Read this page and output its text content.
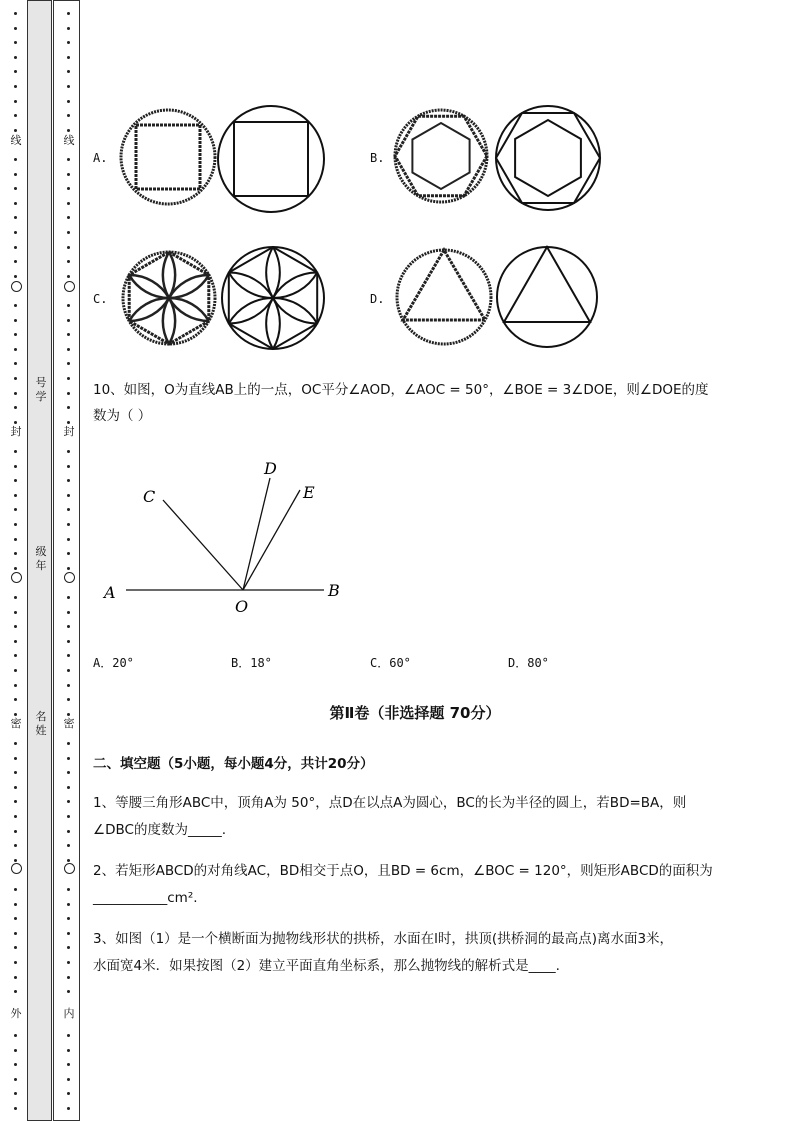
线
封
密
外
线
封
密
内
号学
级年
名姓
A.	B.
C.	D.
10、如图，O为直线AB上的一点，OC平分∠AOD，∠AOC = 50°，∠BOE = 3∠DOE，则∠DOE的度
数为（ ）
A	B
C
D
E
O
A．20°	B．18°	C．60°	D．80°
第Ⅱ卷（非选择题 70分）
二、填空题（5小题，每小题4分，共计20分）
1、等腰三角形ABC中，顶角A为 50°，点D在以点A为圆心，BC的长为半径的圆上，若BD=BA，则
∠DBC的度数为_____.
2、若矩形ABCD的对角线AC，BD相交于点O，且BD = 6cm，∠BOC = 120°，则矩形ABCD的面积为
___________cm².
3、如图（1）是一个横断面为抛物线形状的拱桥，水面在l时，拱顶(拱桥洞的最高点)离水面3米，
水面宽4米．如果按图（2）建立平面直角坐标系，那么抛物线的解析式是____.
